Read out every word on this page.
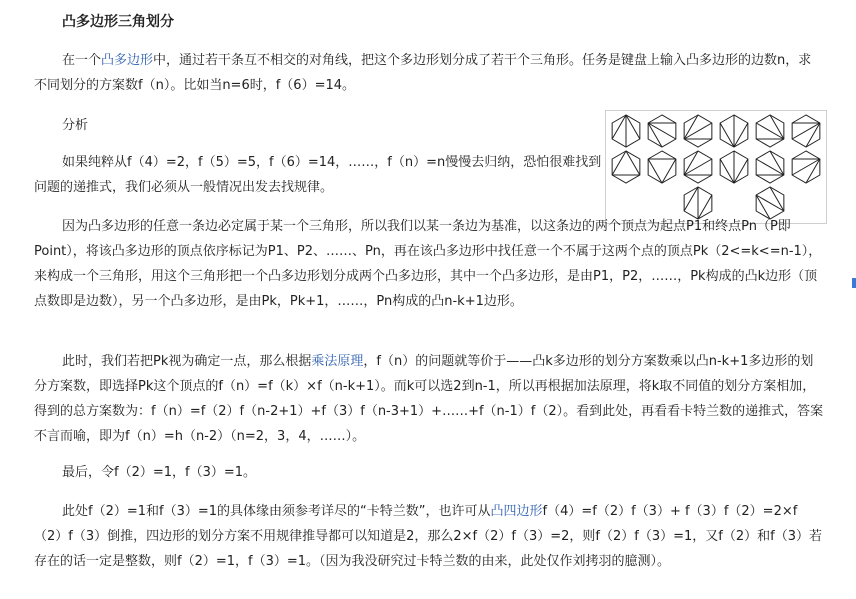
凸多边形三角划分
在一个凸多边形中，通过若干条互不相交的对角线，把这个多边形划分成了若干个三角形。任务是键盘上输入凸多边形的边数n，求不同划分的方案数f（n）。比如当n=6时，f（6）=14。
分析
如果纯粹从f（4）=2，f（5）=5，f（6）=14，……，f（n）=n慢慢去归纳，恐怕很难找到问题的递推式，我们必须从一般情况出发去找规律。
因为凸多边形的任意一条边必定属于某一个三角形，所以我们以某一条边为基准，以这条边的两个顶点为起点P1和终点Pn（P即Point），将该凸多边形的顶点依序标记为P1、P2、……、Pn，再在该凸多边形中找任意一个不属于这两个点的顶点Pk（2<=k<=n-1），来构成一个三角形，用这个三角形把一个凸多边形划分成两个凸多边形，其中一个凸多边形，是由P1，P2，……，Pk构成的凸k边形（顶点数即是边数），另一个凸多边形，是由Pk，Pk+1，……，Pn构成的凸n-k+1边形。
此时，我们若把Pk视为确定一点，那么根据乘法原理，f（n）的问题就等价于——凸k多边形的划分方案数乘以凸n-k+1多边形的划分方案数，即选择Pk这个顶点的f（n）=f（k）×f（n-k+1）。而k可以选2到n-1，所以再根据加法原理，将k取不同值的划分方案相加，得到的总方案数为：f（n）=f（2）f（n-2+1）+f（3）f（n-3+1）+……+f（n-1）f（2）。看到此处，再看看卡特兰数的递推式，答案不言而喻，即为f（n）=h（n-2）（n=2，3，4，……）。
最后，令f（2）=1，f（3）=1。
此处f（2）=1和f（3）=1的具体缘由须参考详尽的“卡特兰数”，也许可从凸四边形f（4）=f（2）f（3）+ f（3）f（2）=2×f（2）f（3）倒推，四边形的划分方案不用规律推导都可以知道是2，那么2×f（2）f（3）=2，则f（2）f（3）=1，又f（2）和f（3）若存在的话一定是整数，则f（2）=1，f（3）=1。（因为我没研究过卡特兰数的由来，此处仅作刘拷羽的臆测）。
